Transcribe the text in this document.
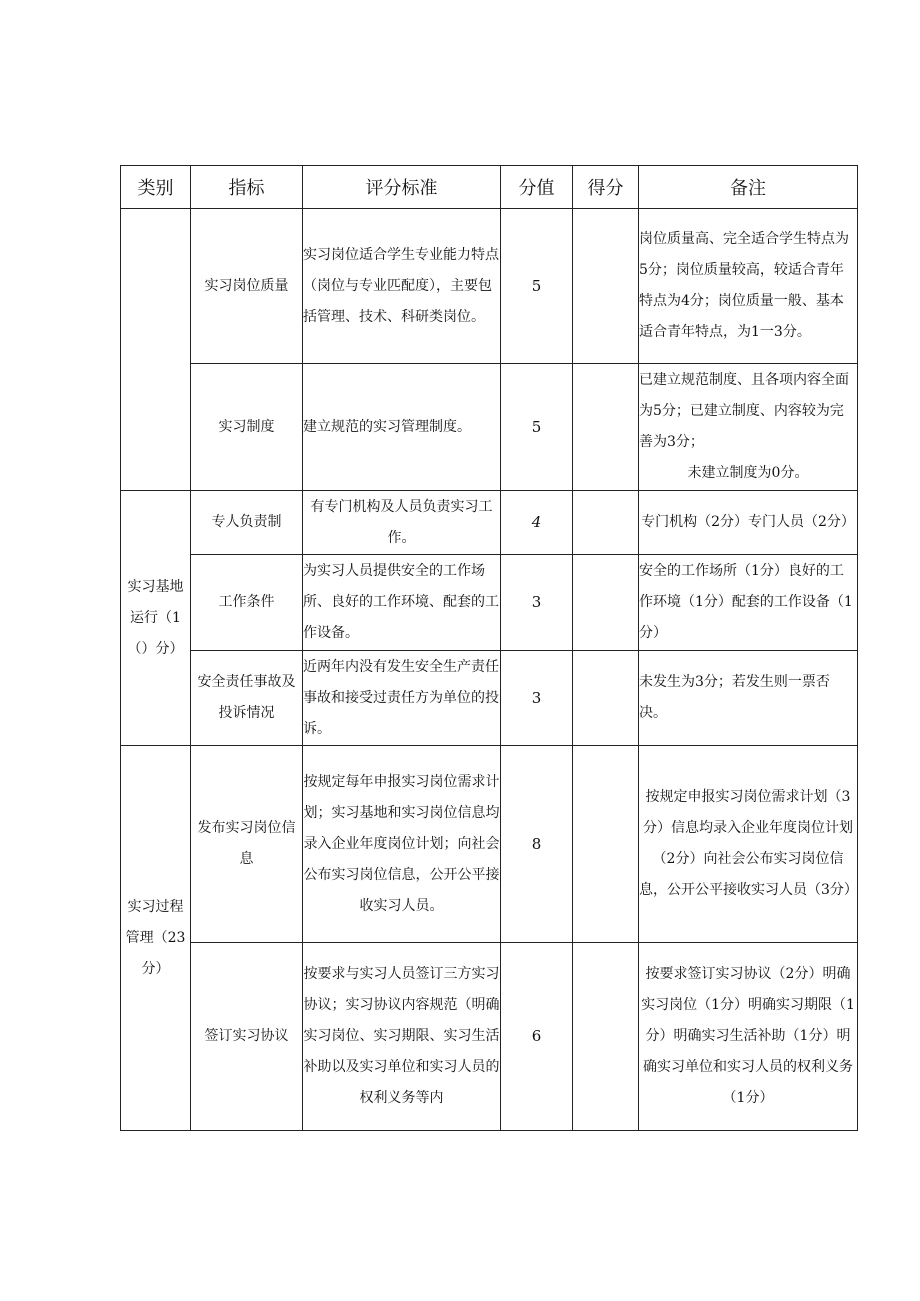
类别	指标	评分标准	分值	得分	备注
	实习岗位质量	实习岗位适合学生专业能力特点（岗位与专业匹配度），主要包括管理、技术、科研类岗位。	5		岗位质量高、完全适合学生特点为5分；岗位质量较高，较适合青年特点为4分；岗位质量一般、基本适合青年特点，为1一3分。
	实习制度	建立规范的实习管理制度。	5		已建立规范制度、且各项内容全面为5分；已建立制度、内容较为完善为3分；
未建立制度为0分。

实习基地运行（1（）分）	专人负责制	有专门机构及人员负责实习工作。	4		专门机构（2分）专门人员（2分）
	工作条件	为实习人员提供安全的工作场所、良好的工作环境、配套的工作设备。	3		安全的工作场所（1分）良好的工作环境（1分）配套的工作设备（1分）
	安全责任事故及投诉情况	近两年内没有发生安全生产责任事故和接受过责任方为单位的投诉。	3		未发生为3分；若发生则一票否决。
实习过程管理（23分）	发布实习岗位信息	按规定每年申报实习岗位需求计划；实习基地和实习岗位信息均录入企业年度岗位计划；向社会公布实习岗位信息，公开公平接收实习人员。	8		按规定申报实习岗位需求计划（3分）信息均录入企业年度岗位计划（2分）向社会公布实习岗位信息，公开公平接收实习人员（3分）
	签订实习协议	按要求与实习人员签订三方实习协议；实习协议内容规范（明确实习岗位、实习期限、实习生活补助以及实习单位和实习人员的权利义务等内	6		按要求签订实习协议（2分）明确实习岗位（1分）明确实习期限（1分）明确实习生活补助（1分）明确实习单位和实习人员的权利义务（1分）
